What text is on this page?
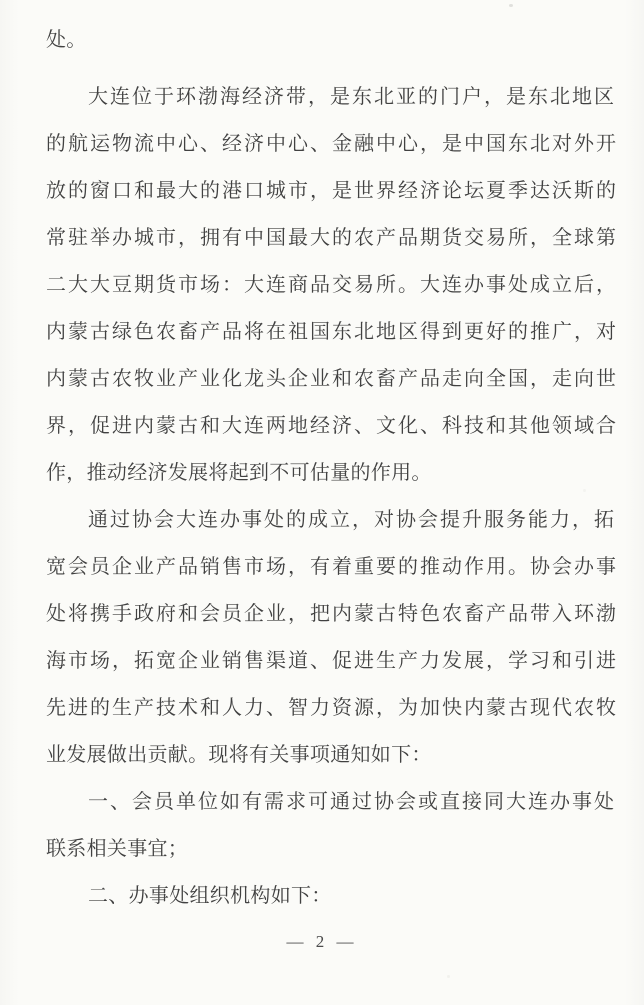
处。
大连位于环渤海经济带，是东北亚的门户，是东北地区
的航运物流中心、经济中心、金融中心，是中国东北对外开
放的窗口和最大的港口城市，是世界经济论坛夏季达沃斯的
常驻举办城市，拥有中国最大的农产品期货交易所，全球第
二大大豆期货市场：大连商品交易所。大连办事处成立后，
内蒙古绿色农畜产品将在祖国东北地区得到更好的推广，对
内蒙古农牧业产业化龙头企业和农畜产品走向全国，走向世
界，促进内蒙古和大连两地经济、文化、科技和其他领域合
作，推动经济发展将起到不可估量的作用。
通过协会大连办事处的成立，对协会提升服务能力，拓
宽会员企业产品销售市场，有着重要的推动作用。协会办事
处将携手政府和会员企业，把内蒙古特色农畜产品带入环渤
海市场，拓宽企业销售渠道、促进生产力发展，学习和引进
先进的生产技术和人力、智力资源，为加快内蒙古现代农牧
业发展做出贡献。现将有关事项通知如下：
一、会员单位如有需求可通过协会或直接同大连办事处
联系相关事宜；
二、办事处组织机构如下：
— 2 —
